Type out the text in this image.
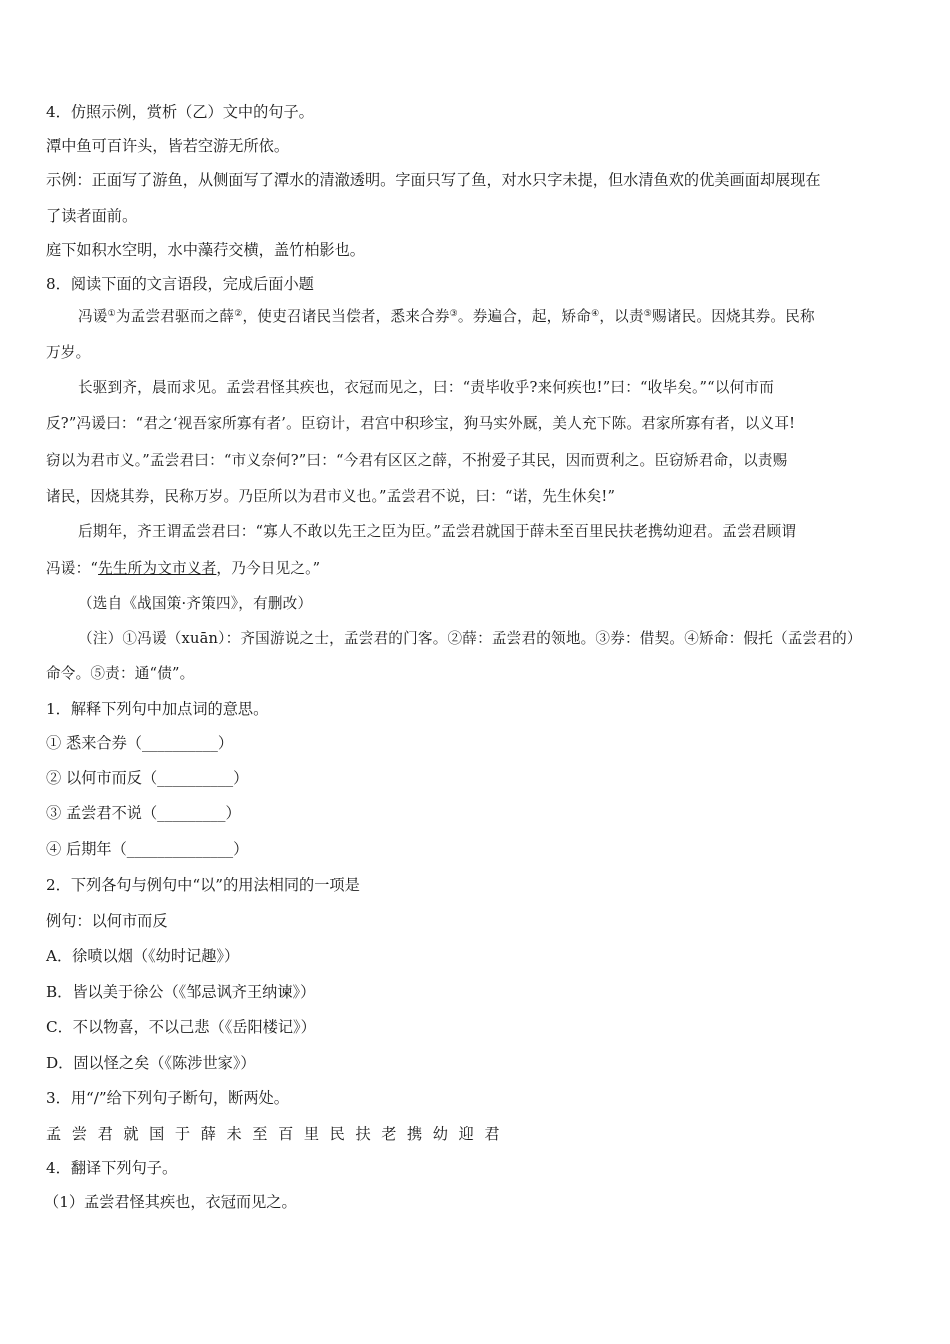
4．仿照示例，赏析（乙）文中的句子。
潭中鱼可百许头，皆若空游无所依。
示例：正面写了游鱼，从侧面写了潭水的清澈透明。字面只写了鱼，对水只字未提，但水清鱼欢的优美画面却展现在
了读者面前。
庭下如积水空明，水中藻荇交横，盖竹柏影也。
8．阅读下面的文言语段，完成后面小题
冯谖①为孟尝君驱而之薛②，使吏召诸民当偿者，悉来合券③。券遍合，起，矫命④，以责⑤赐诸民。因烧其券。民称
万岁。
长驱到齐，晨而求见。孟尝君怪其疾也，衣冠而见之，曰：“责毕收乎?来何疾也!”曰：“收毕矣。”“以何市而
反?”冯谖曰：“君之‘视吾家所寡有者’。臣窃计，君宫中积珍宝，狗马实外厩，美人充下陈。君家所寡有者，以义耳!
窃以为君市义。”孟尝君曰：“市义奈何?”曰：“今君有区区之薛，不拊爱子其民，因而贾利之。臣窃矫君命，以责赐
诸民，因烧其券，民称万岁。乃臣所以为君市义也。”孟尝君不说，曰：“诺，先生休矣!”
后期年，齐王谓孟尝君曰：“寡人不敢以先王之臣为臣。”孟尝君就国于薛未至百里民扶老携幼迎君。孟尝君顾谓
冯谖：“先生所为文市义者，乃今日见之。”
（选自《战国策·齐策四》，有删改）
（注）①冯谖（xuān）：齐国游说之士，孟尝君的门客。②薛：孟尝君的领地。③券：借契。④矫命：假托（孟尝君的）
命令。⑤责：通“债”。
1．解释下列句中加点词的意思。
① 悉来合券（__________）
② 以何市而反（__________）
③ 孟尝君不说（_________）
④ 后期年（______________）
2．下列各句与例句中“以”的用法相同的一项是
例句：以何市而反
A．徐喷以烟（《幼时记趣》）
B．皆以美于徐公（《邹忌讽齐王纳谏》）
C．不以物喜，不以己悲（《岳阳楼记》）
D．固以怪之矣（《陈涉世家》）
3．用“/”给下列句子断句，断两处。
孟尝君就国于薛未至百里民扶老携幼迎君
4．翻译下列句子。
（1）孟尝君怪其疾也，衣冠而见之。
